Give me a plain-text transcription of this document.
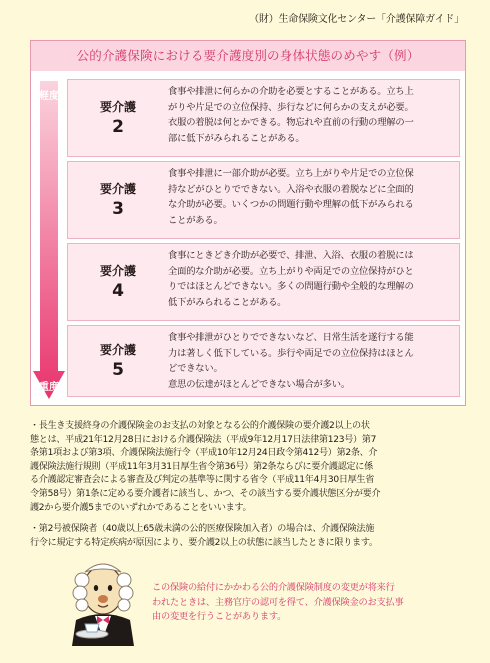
（財）生命保険文化センター「介護保障ガイド」
公的介護保険における要介護度別の身体状態のめやす（例）
軽度
重度
要介護
2
食事や排泄に何らかの介助を必要とすることがある。立ち上
がりや片足での立位保持、歩行などに何らかの支えが必要。
衣服の着脱は何とかできる。物忘れや直前の行動の理解の一
部に低下がみられることがある。
要介護
3
食事や排泄に一部介助が必要。立ち上がりや片足での立位保
持などがひとりでできない。入浴や衣服の着脱などに全面的
な介助が必要。いくつかの問題行動や理解の低下がみられる
ことがある。
要介護
4
食事にときどき介助が必要で、排泄、入浴、衣服の着脱には
全面的な介助が必要。立ち上がりや両足での立位保持がひと
りではほとんどできない。多くの問題行動や全般的な理解の
低下がみられることがある。
要介護
5
食事や排泄がひとりでできないなど、日常生活を遂行する能
力は著しく低下している。歩行や両足での立位保持はほとん
どできない。
意思の伝達がほとんどできない場合が多い。

・長生き支援終身の介護保険金のお支払の対象となる公的介護保険の要介護2以上の状
態とは、平成21年12月28日における介護保険法（平成9年12月17日法律第123号）第7
条第1項および第3項、介護保険法施行令（平成10年12月24日政令第412号）第2条、介
護保険法施行規則（平成11年3月31日厚生省令第36号）第2条ならびに要介護認定に係
る介護認定審査会による審査及び判定の基準等に関する省令（平成11年4月30日厚生省
令第58号）第1条に定める要介護者に該当し、かつ、その該当する要介護状態区分が要介
護2から要介護5までのいずれかであることをいいます。

・第2号被保険者（40歳以上65歳未満の公的医療保険加入者）の場合は、介護保険法施
行令に規定する特定疾病が原因により、要介護2以上の状態に該当したときに限ります。

この保険の給付にかかわる公的介護保険制度の変更が将来行
われたときは、主務官庁の認可を得て、介護保険金のお支払事
由の変更を行うことがあります。
